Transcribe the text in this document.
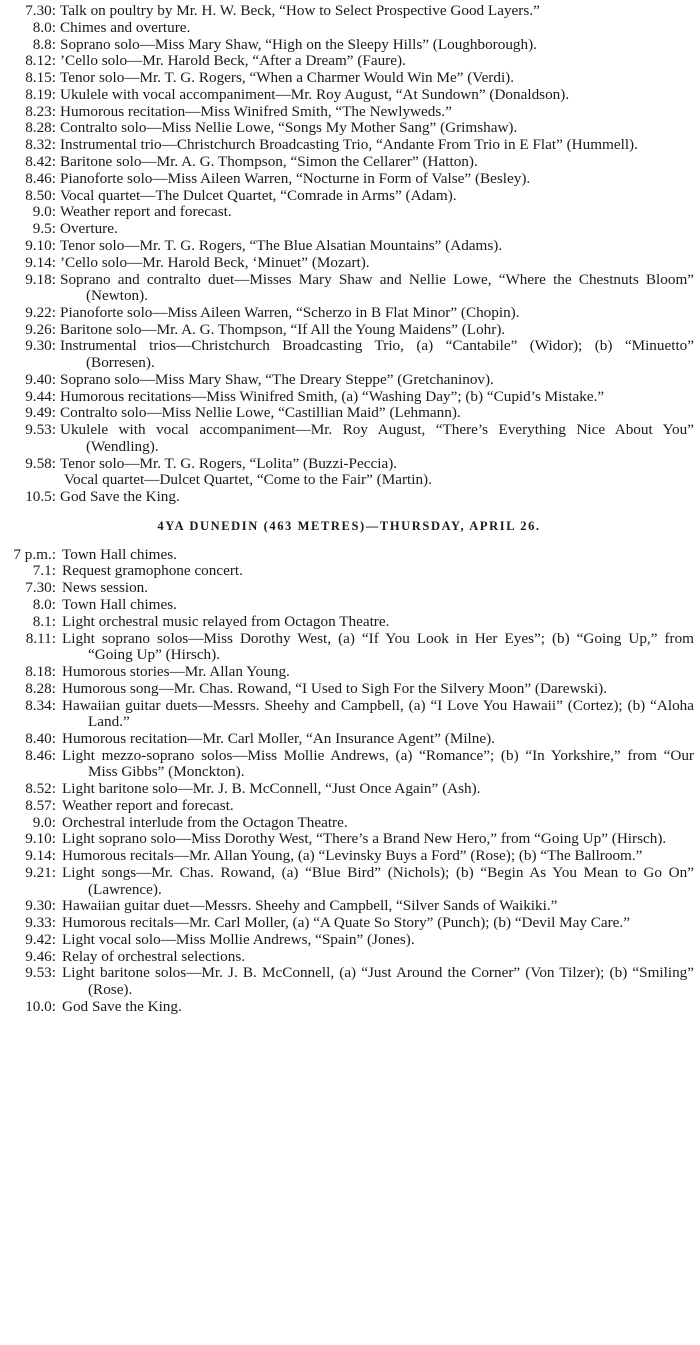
7.30: Talk on poultry by Mr. H. W. Beck, “How to Select Prospective Good Layers.”
8.0: Chimes and overture.
8.8: Soprano solo—Miss Mary Shaw, “High on the Sleepy Hills” (Loughborough).
8.12: ’Cello solo—Mr. Harold Beck, “After a Dream” (Faure).
8.15: Tenor solo—Mr. T. G. Rogers, “When a Charmer Would Win Me” (Verdi).
8.19: Ukulele with vocal accompaniment—Mr. Roy August, “At Sundown” (Donaldson).
8.23: Humorous recitation—Miss Winifred Smith, “The Newlyweds.”
8.28: Contralto solo—Miss Nellie Lowe, “Songs My Mother Sang” (Grimshaw).
8.32: Instrumental trio—Christchurch Broadcasting Trio, “Andante From Trio in E Flat” (Hummell).
8.42: Baritone solo—Mr. A. G. Thompson, “Simon the Cellarer” (Hatton).
8.46: Pianoforte solo—Miss Aileen Warren, “Nocturne in Form of Valse” (Besley).
8.50: Vocal quartet—The Dulcet Quartet, “Comrade in Arms” (Adam).
9.0: Weather report and forecast.
9.5: Overture.
9.10: Tenor solo—Mr. T. G. Rogers, “The Blue Alsatian Mountains” (Adams).
9.14: ’Cello solo—Mr. Harold Beck, ‘Minuet” (Mozart).
9.18: Soprano and contralto duet—Misses Mary Shaw and Nellie Lowe, “Where the Chestnuts Bloom” (Newton).
9.22: Pianoforte solo—Miss Aileen Warren, “Scherzo in B Flat Minor” (Chopin).
9.26: Baritone solo—Mr. A. G. Thompson, “If All the Young Maidens” (Lohr).
9.30: Instrumental trios—Christchurch Broadcasting Trio, (a) “Cantabile” (Widor); (b) “Minuetto” (Borresen).
9.40: Soprano solo—Miss Mary Shaw, “The Dreary Steppe” (Gretchaninov).
9.44: Humorous recitations—Miss Winifred Smith, (a) “Washing Day”; (b) “Cupid’s Mistake.”
9.49: Contralto solo—Miss Nellie Lowe, “Castillian Maid” (Lehmann).
9.53: Ukulele with vocal accompaniment—Mr. Roy August, “There’s Everything Nice About You” (Wendling).
9.58: Tenor solo—Mr. T. G. Rogers, “Lolita” (Buzzi-Peccia).
Vocal quartet—Dulcet Quartet, “Come to the Fair” (Martin).
10.5: God Save the King.
4YA DUNEDIN (463 METRES)—THURSDAY, APRIL 26.
7 p.m.: Town Hall chimes.
7.1: Request gramophone concert.
7.30: News session.
8.0: Town Hall chimes.
8.1: Light orchestral music relayed from Octagon Theatre.
8.11: Light soprano solos—Miss Dorothy West, (a) “If You Look in Her Eyes”; (b) “Going Up,” from “Going Up” (Hirsch).
8.18: Humorous stories—Mr. Allan Young.
8.28: Humorous song—Mr. Chas. Rowand, “I Used to Sigh For the Silvery Moon” (Darewski).
8.34: Hawaiian guitar duets—Messrs. Sheehy and Campbell, (a) “I Love You Hawaii” (Cortez); (b) “Aloha Land.”
8.40: Humorous recitation—Mr. Carl Moller, “An Insurance Agent” (Milne).
8.46: Light mezzo-soprano solos—Miss Mollie Andrews, (a) “Romance”; (b) “In Yorkshire,” from “Our Miss Gibbs” (Monckton).
8.52: Light baritone solo—Mr. J. B. McConnell, “Just Once Again” (Ash).
8.57: Weather report and forecast.
9.0: Orchestral interlude from the Octagon Theatre.
9.10: Light soprano solo—Miss Dorothy West, “There’s a Brand New Hero,” from “Going Up” (Hirsch).
9.14: Humorous recitals—Mr. Allan Young, (a) “Levinsky Buys a Ford” (Rose); (b) “The Ballroom.”
9.21: Light songs—Mr. Chas. Rowand, (a) “Blue Bird” (Nichols); (b) “Begin As You Mean to Go On” (Lawrence).
9.30: Hawaiian guitar duet—Messrs. Sheehy and Campbell, “Silver Sands of Waikiki.”
9.33: Humorous recitals—Mr. Carl Moller, (a) “A Quate So Story” (Punch); (b) “Devil May Care.”
9.42: Light vocal solo—Miss Mollie Andrews, “Spain” (Jones).
9.46: Relay of orchestral selections.
9.53: Light baritone solos—Mr. J. B. McConnell, (a) “Just Around the Corner” (Von Tilzer); (b) “Smiling” (Rose).
10.0: God Save the King.
